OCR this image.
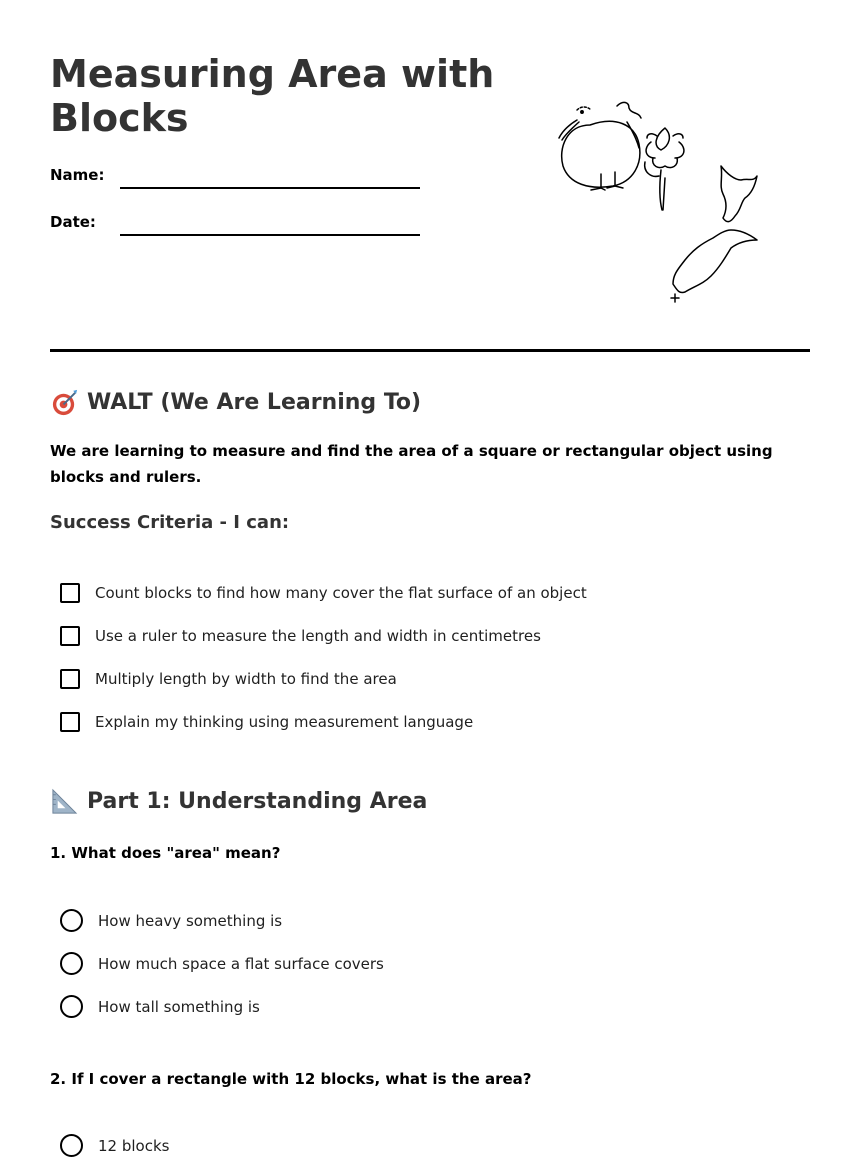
Measuring Area with Blocks
Name:
Date:
WALT (We Are Learning To)

We are learning to measure and find the area of a square or rectangular object using blocks and rulers.

Success Criteria - I can:
Count blocks to find how many cover the flat surface of an object
Use a ruler to measure the length and width in centimetres
Multiply length by width to find the area
Explain my thinking using measurement language
Part 1: Understanding Area

1. What does "area" mean?

How heavy something is
How much space a flat surface covers
How tall something is

2. If I cover a rectangle with 12 blocks, what is the area?

12 blocks
